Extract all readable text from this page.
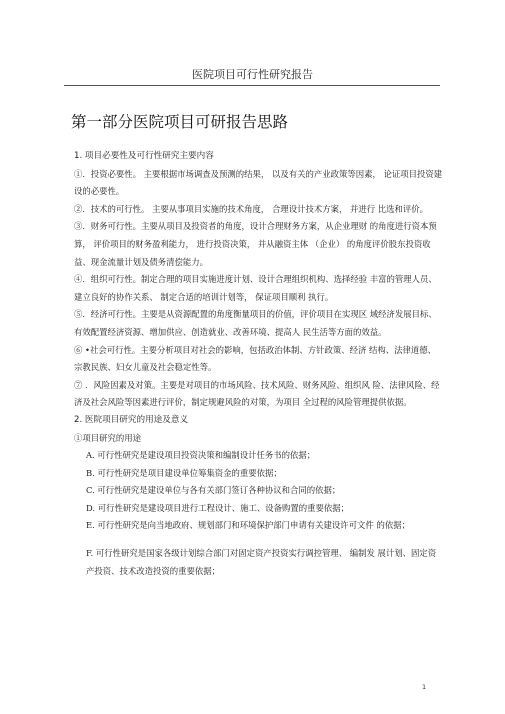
医院项目可行性研究报告
第一部分医院项目可研报告思路

1. 项目必要性及可行性研究主要内容

①．投资必要性。 主要根据市场调查及预测的结果， 以及有关的产业政策等因素， 论证项目投资建设的必要性。

②．技术的可行性。 主要从事项目实施的技术角度， 合理设计技术方案， 并进行 比选和评价。

③．财务可行性。主要从项目及投资者的角度，设计合理财务方案，从企业理财 的角度进行资本预算， 评价项目的财务盈利能力， 进行投资决策， 并从融资主体 （企业） 的角度评价股东投资收益、现金流量计划及债务清偿能力。

④．组织可行性。制定合理的项目实施进度计划、设计合理组织机构、选择经验 丰富的管理人员、 建立良好的协作关系、 制定合适的培训计划等， 保证项目顺利 执行。

⑤．经济可行性。主要是从资源配置的角度衡量项目的价值，评价项目在实现区 域经济发展目标、有效配置经济资源、增加供应、创造就业、改善环境、提高人 民生活等方面的效益。

⑥ •社会可行性。主要分析项目对社会的影响，包括政治体制、方针政策、经济 结构、法律道德、宗教民族、妇女儿童及社会稳定性等。

⑦ ．风险因素及对策。主要是对项目的市场风险、技术风险、财务风险、组织风 险、法律风险、经济及社会风险等因素进行评价，制定规避风险的对策，为项目 全过程的风险管理提供依据。

2. 医院项目研究的用途及意义

①项目研究的用途

A. 可行性研究是建设项目投资决策和编制设计任务书的依据；

B. 可行性研究是项目建设单位筹集资金的重要依据；

C. 可行性研究是建设单位与各有关部门签订各种协议和合同的依据；

D. 可行性研究是建设项目进行工程设计、施工、设备购置的重要依据；

E. 可行性研究是向当地政府、规划部门和环境保护部门申请有关建设许可文件 的依据；

F. 可行性研究是国家各级计划综合部门对固定资产投资实行调控管理、 编制发 展计划、固定资产投资、技术改造投资的重要依据；

1
